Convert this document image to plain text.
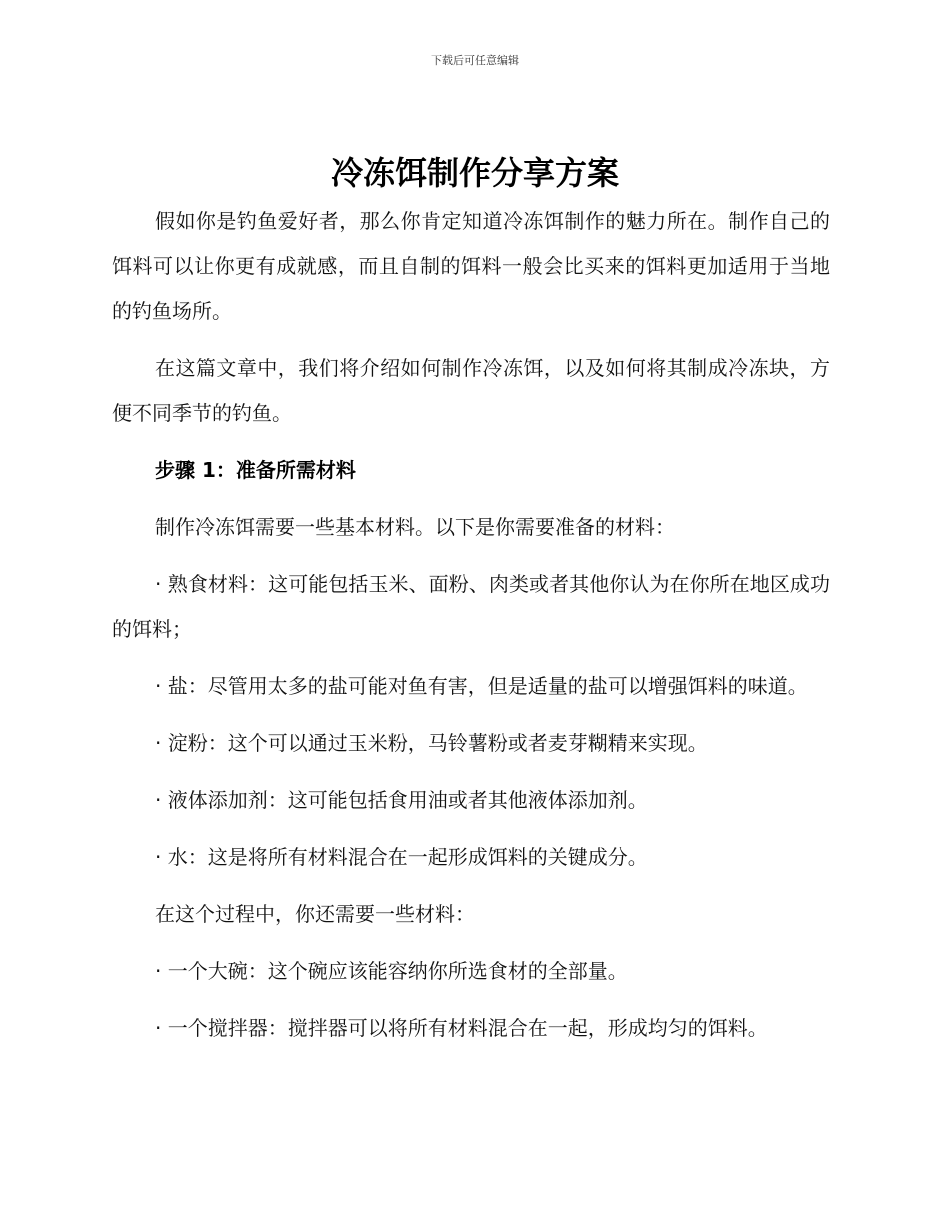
下载后可任意编辑
冷冻饵制作分享方案

假如你是钓鱼爱好者，那么你肯定知道冷冻饵制作的魅力所在。制作自己的饵料可以让你更有成就感，而且自制的饵料一般会比买来的饵料更加适用于当地的钓鱼场所。

在这篇文章中，我们将介绍如何制作冷冻饵，以及如何将其制成冷冻块，方便不同季节的钓鱼。

步骤 1：准备所需材料

制作冷冻饵需要一些基本材料。以下是你需要准备的材料：

· 熟食材料：这可能包括玉米、面粉、肉类或者其他你认为在你所在地区成功的饵料；

· 盐：尽管用太多的盐可能对鱼有害，但是适量的盐可以增强饵料的味道。

· 淀粉：这个可以通过玉米粉，马铃薯粉或者麦芽糊精来实现。

· 液体添加剂：这可能包括食用油或者其他液体添加剂。

· 水：这是将所有材料混合在一起形成饵料的关键成分。

在这个过程中，你还需要一些材料：

· 一个大碗：这个碗应该能容纳你所选食材的全部量。

· 一个搅拌器：搅拌器可以将所有材料混合在一起，形成均匀的饵料。
